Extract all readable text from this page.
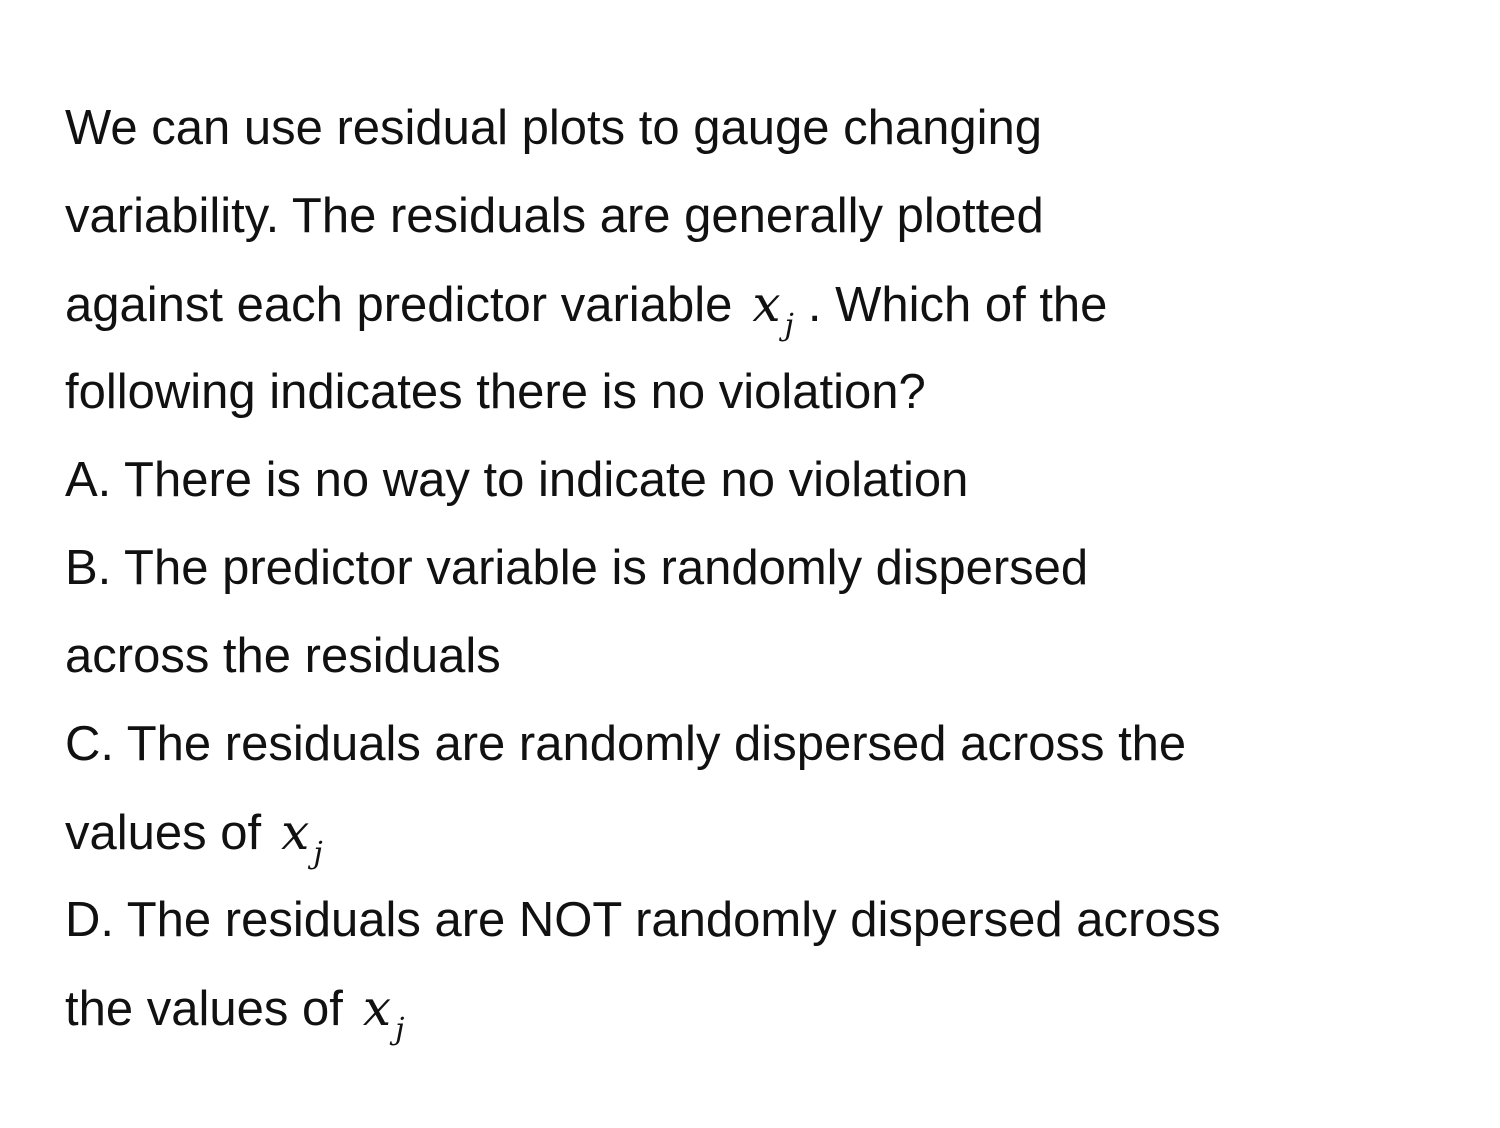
We can use residual plots to gauge changing
variability. The residuals are generally plotted
against each predictor variable x $_j$ . Which of the
following indicates there is no violation?
A. There is no way to indicate no violation
B. The predictor variable is randomly dispersed
across the residuals
C. The residuals are randomly dispersed across the
values of x $_j$
D. The residuals are NOT randomly dispersed across
the values of x $_j$
